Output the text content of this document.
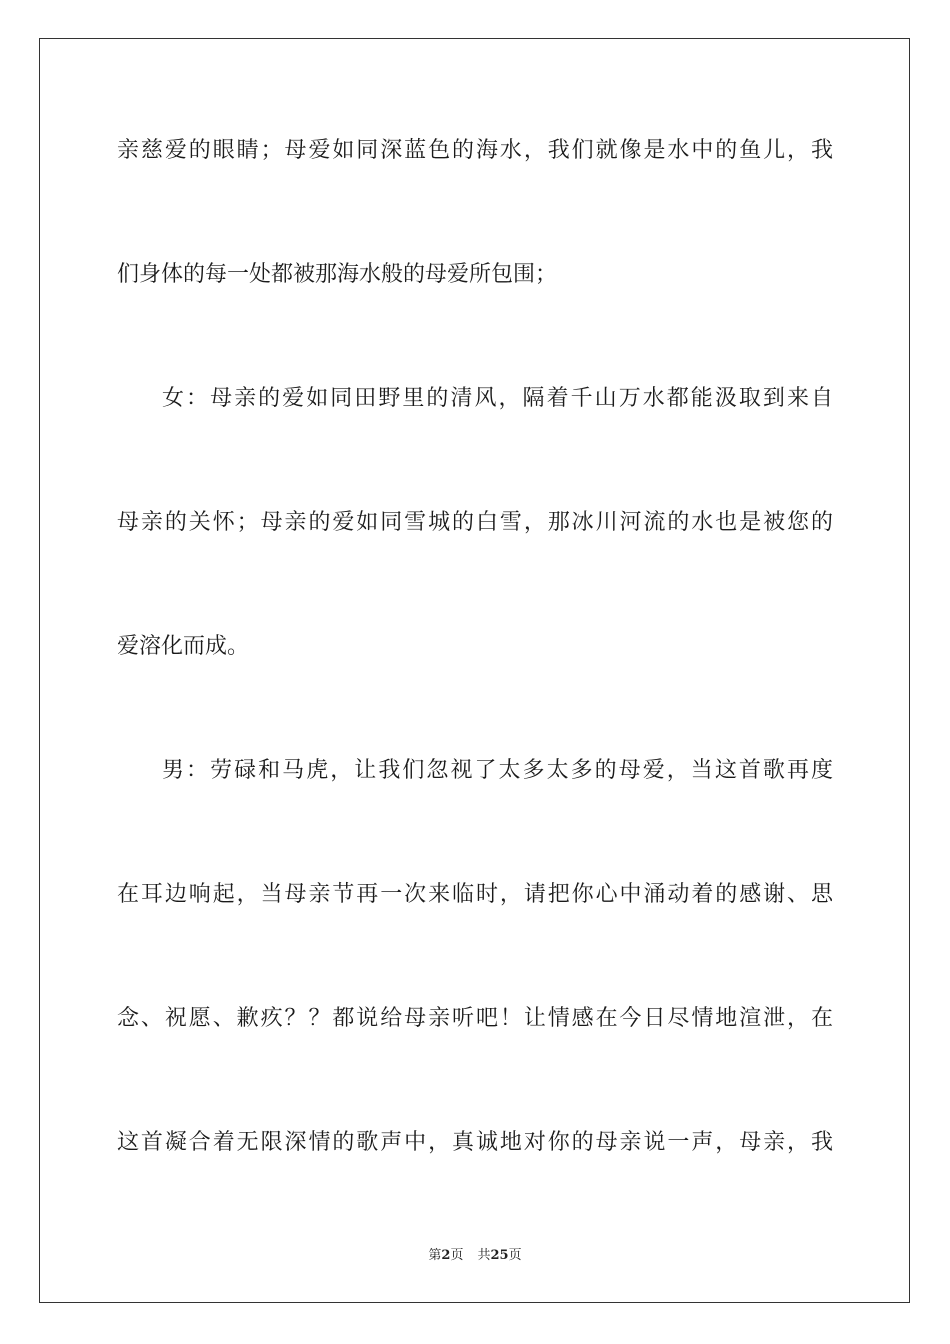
亲慈爱的眼睛；母爱如同深蓝色的海水，我们就像是水中的鱼儿，我
们身体的每一处都被那海水般的母爱所包围；
女：母亲的爱如同田野里的清风，隔着千山万水都能汲取到来自
母亲的关怀；母亲的爱如同雪城的白雪，那冰川河流的水也是被您的
爱溶化而成。
男：劳碌和马虎，让我们忽视了太多太多的母爱，当这首歌再度
在耳边响起，当母亲节再一次来临时，请把你心中涌动着的感谢、思
念、祝愿、歉疚？？都说给母亲听吧！让情感在今日尽情地渲泄，在
这首凝合着无限深情的歌声中，真诚地对你的母亲说一声，母亲，我
第2页 共25页
